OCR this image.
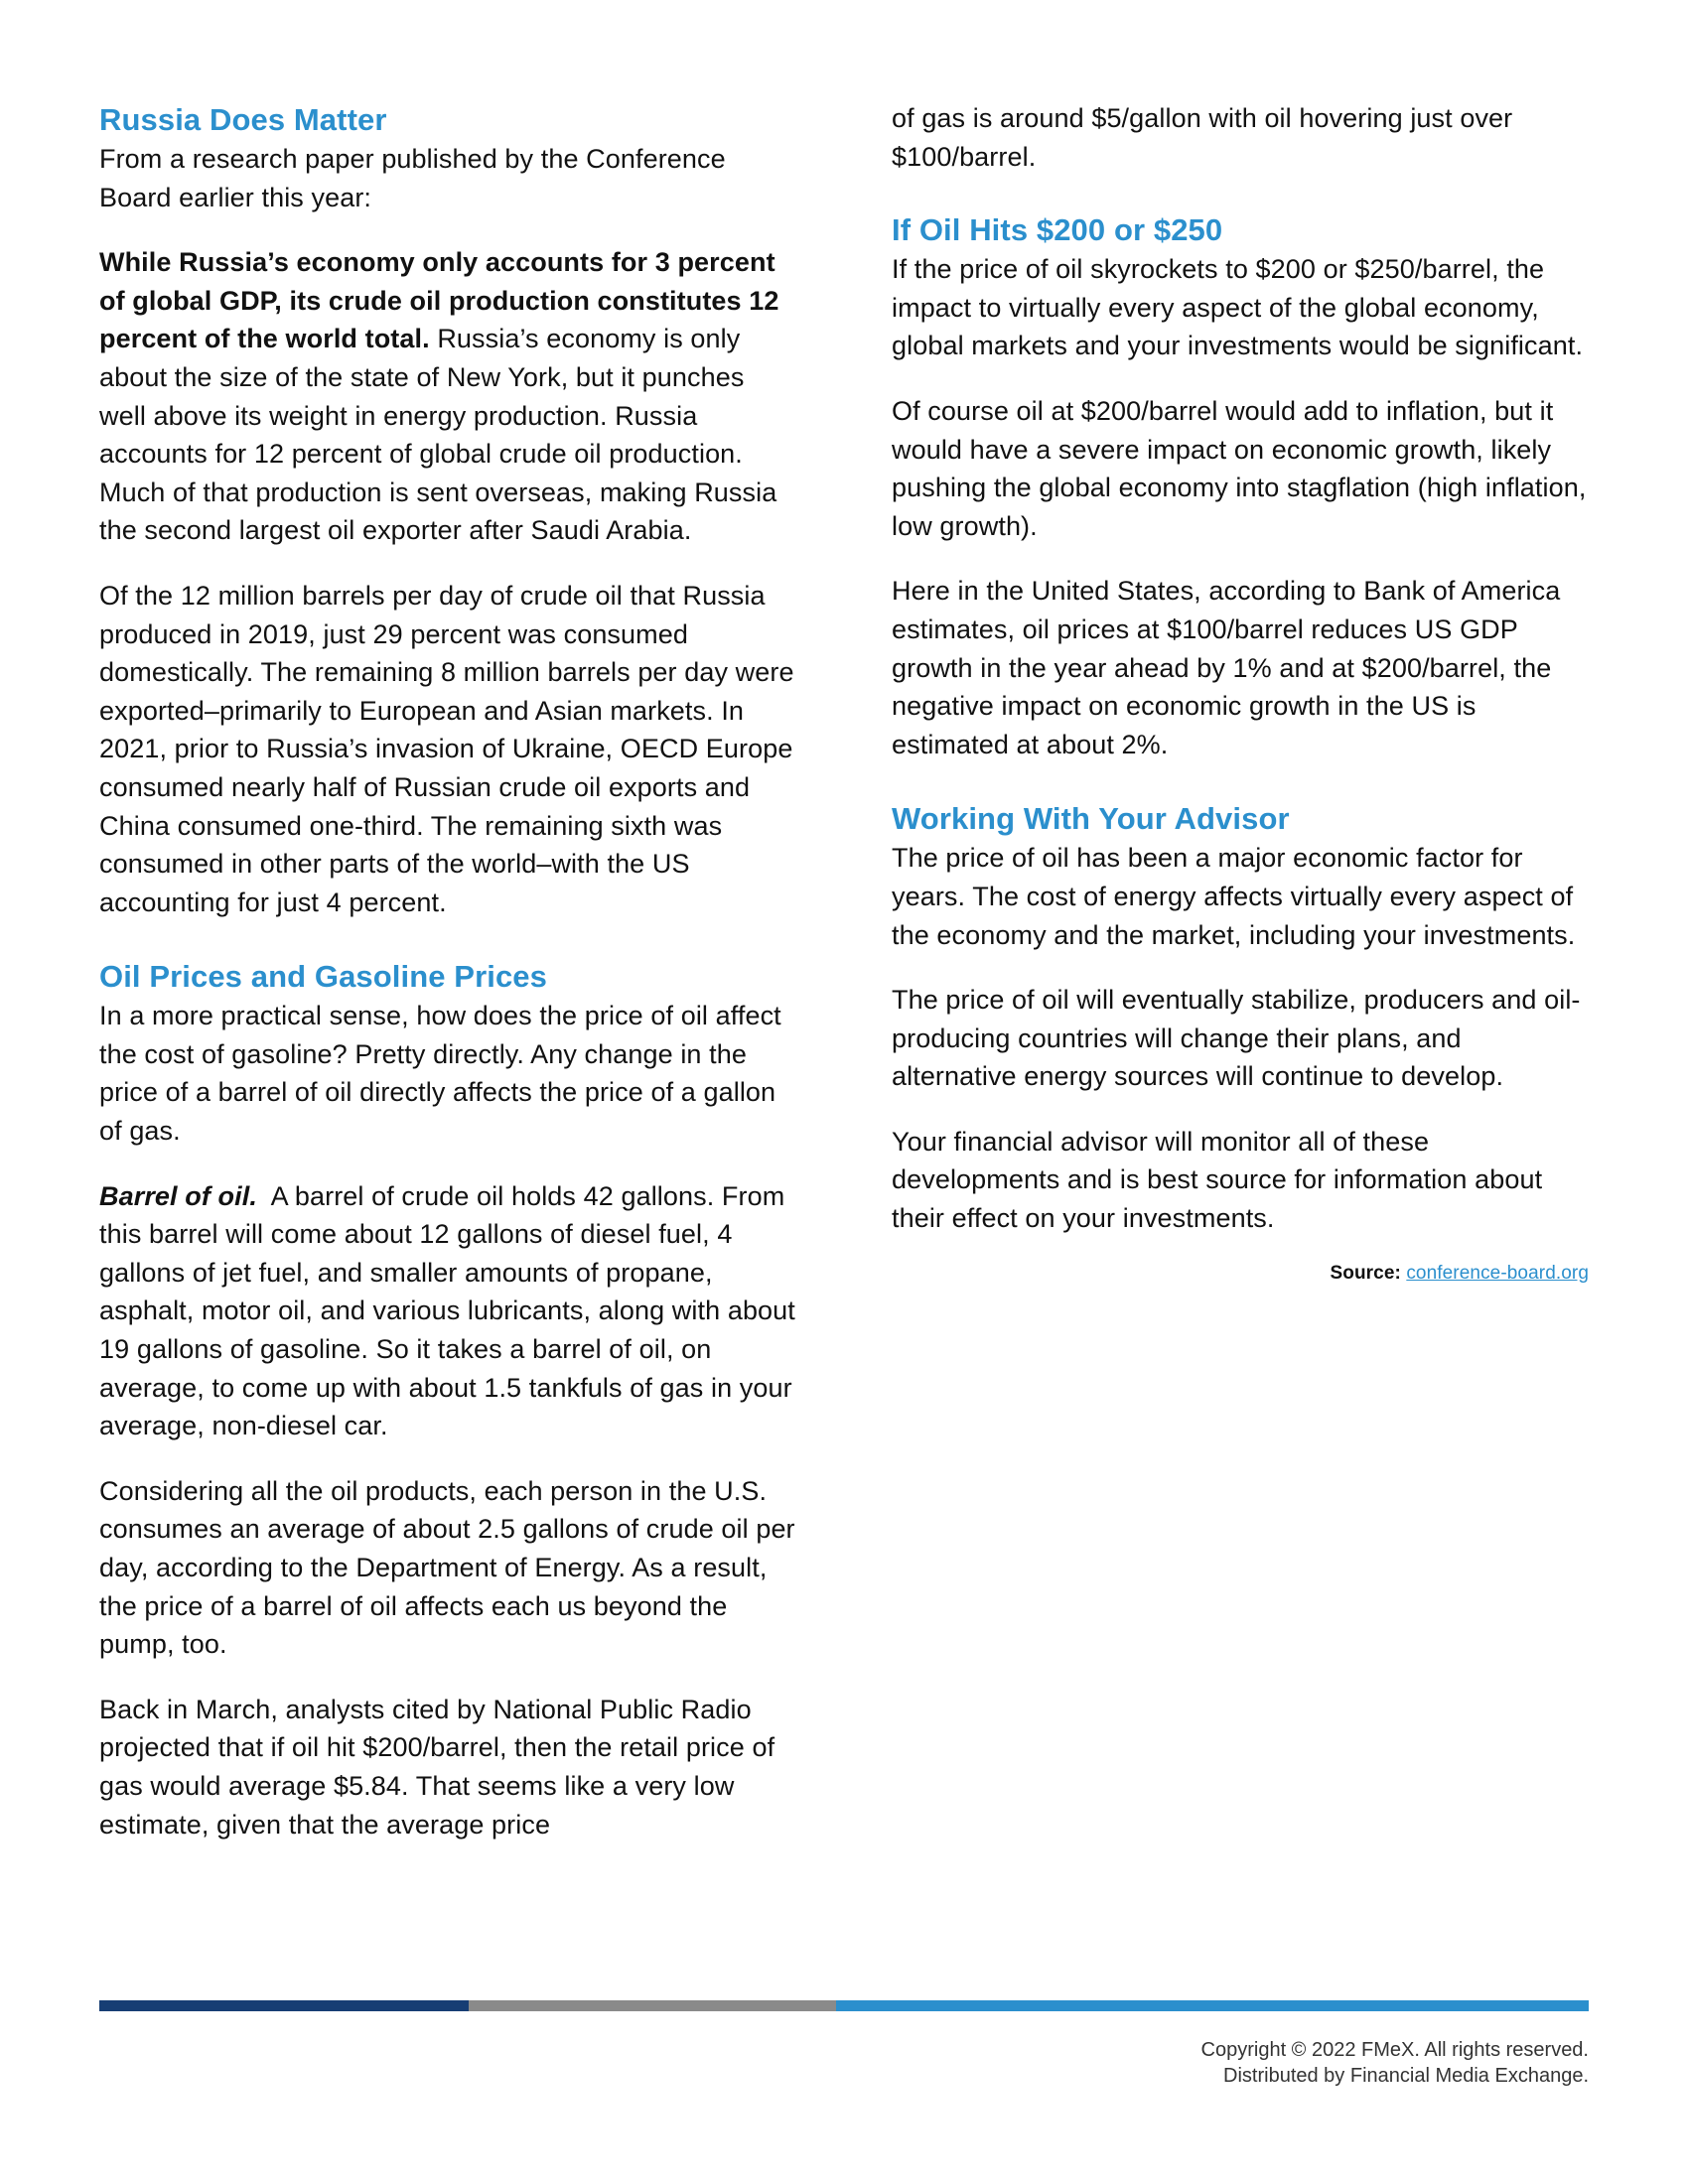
Russia Does Matter

From a research paper published by the Conference Board earlier this year:

While Russia’s economy only accounts for 3 percent of global GDP, its crude oil production constitutes 12 percent of the world total. Russia’s economy is only about the size of the state of New York, but it punches well above its weight in energy production. Russia accounts for 12 percent of global crude oil production. Much of that production is sent overseas, making Russia the second largest oil exporter after Saudi Arabia.

Of the 12 million barrels per day of crude oil that Russia produced in 2019, just 29 percent was consumed domestically. The remaining 8 million barrels per day were exported–primarily to European and Asian markets. In 2021, prior to Russia’s invasion of Ukraine, OECD Europe consumed nearly half of Russian crude oil exports and China consumed one-third. The remaining sixth was consumed in other parts of the world–with the US accounting for just 4 percent.

Oil Prices and Gasoline Prices

In a more practical sense, how does the price of oil affect the cost of gasoline? Pretty directly. Any change in the price of a barrel of oil directly affects the price of a gallon of gas.

Barrel of oil.  A barrel of crude oil holds 42 gallons. From this barrel will come about 12 gallons of diesel fuel, 4 gallons of jet fuel, and smaller amounts of propane, asphalt, motor oil, and various lubricants, along with about 19 gallons of gasoline. So it takes a barrel of oil, on average, to come up with about 1.5 tankfuls of gas in your average, non-diesel car.

Considering all the oil products, each person in the U.S. consumes an average of about 2.5 gallons of crude oil per day, according to the Department of Energy. As a result, the price of a barrel of oil affects each us beyond the pump, too.

Back in March, analysts cited by National Public Radio projected that if oil hit $200/barrel, then the retail price of gas would average $5.84. That seems like a very low estimate, given that the average price

of gas is around $5/gallon with oil hovering just over $100/barrel.

If Oil Hits $200 or $250

If the price of oil skyrockets to $200 or $250/barrel, the impact to virtually every aspect of the global economy, global markets and your investments would be significant.

Of course oil at $200/barrel would add to inflation, but it would have a severe impact on economic growth, likely pushing the global economy into stagflation (high inflation, low growth).

Here in the United States, according to Bank of America estimates, oil prices at $100/barrel reduces US GDP growth in the year ahead by 1% and at $200/barrel, the negative impact on economic growth in the US is estimated at about 2%.

Working With Your Advisor

The price of oil has been a major economic factor for years. The cost of energy affects virtually every aspect of the economy and the market, including your investments.

The price of oil will eventually stabilize, producers and oil-producing countries will change their plans, and alternative energy sources will continue to develop.

Your financial advisor will monitor all of these developments and is best source for information about their effect on your investments.

Source: conference-board.org
Copyright © 2022 FMeX. All rights reserved.
Distributed by Financial Media Exchange.
